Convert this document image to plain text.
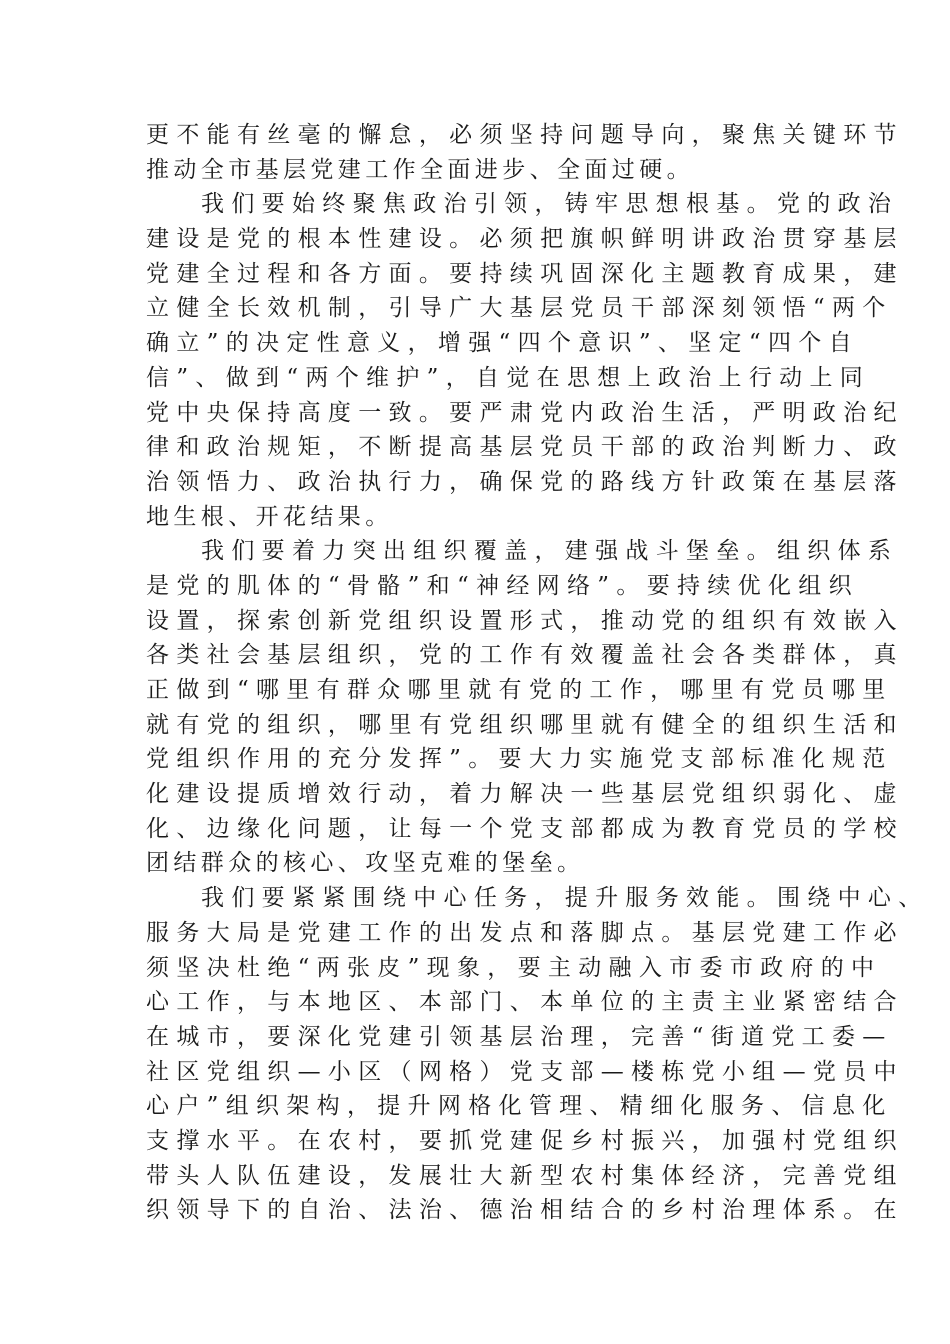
更 不 能 有 丝 毫 的 懈 怠 ， 必 须 坚 持 问 题 导 向 ， 聚 焦 关 键 环 节
推动全市基层党建工作全面进步、全面过硬。
我 们 要 始 终 聚 焦 政 治 引 领 ， 铸 牢 思 想 根 基 。 党 的 政 治
建 设 是 党 的 根 本 性 建 设 。 必 须 把 旗 帜 鲜 明 讲 政 治 贯 穿 基 层
党 建 全 过 程 和 各 方 面 。 要 持 续 巩 固 深 化 主 题 教 育 成 果 ， 建
立 健 全 长 效 机 制 ， 引 导 广 大 基 层 党 员 干 部 深 刻 领 悟 “ 两 个
确 立 ” 的 决 定 性 意 义 ， 增 强 “ 四 个 意 识 ” 、 坚 定 “ 四 个 自
信 ” 、 做 到 “ 两 个 维 护 ” ， 自 觉 在 思 想 上 政 治 上 行 动 上 同
党 中 央 保 持 高 度 一 致 。 要 严 肃 党 内 政 治 生 活 ， 严 明 政 治 纪
律 和 政 治 规 矩 ， 不 断 提 高 基 层 党 员 干 部 的 政 治 判 断 力 、 政
治 领 悟 力 、 政 治 执 行 力 ， 确 保 党 的 路 线 方 针 政 策 在 基 层 落
地生根、开花结果。
我 们 要 着 力 突 出 组 织 覆 盖 ， 建 强 战 斗 堡 垒 。 组 织 体 系
是 党 的 肌 体 的 “ 骨 骼 ” 和 “ 神 经 网 络 ” 。 要 持 续 优 化 组 织
设 置 ， 探 索 创 新 党 组 织 设 置 形 式 ， 推 动 党 的 组 织 有 效 嵌 入
各 类 社 会 基 层 组 织 ， 党 的 工 作 有 效 覆 盖 社 会 各 类 群 体 ， 真
正 做 到 “ 哪 里 有 群 众 哪 里 就 有 党 的 工 作 ， 哪 里 有 党 员 哪 里
就 有 党 的 组 织 ， 哪 里 有 党 组 织 哪 里 就 有 健 全 的 组 织 生 活 和
党 组 织 作 用 的 充 分 发 挥 ” 。 要 大 力 实 施 党 支 部 标 准 化 规 范
化 建 设 提 质 增 效 行 动 ， 着 力 解 决 一 些 基 层 党 组 织 弱 化 、 虚
化 、 边 缘 化 问 题 ， 让 每 一 个 党 支 部 都 成 为 教 育 党 员 的 学 校
团结群众的核心、攻坚克难的堡垒。
我 们 要 紧 紧 围 绕 中 心 任 务 ， 提 升 服 务 效 能 。 围 绕 中 心 、
服 务 大 局 是 党 建 工 作 的 出 发 点 和 落 脚 点 。 基 层 党 建 工 作 必
须 坚 决 杜 绝 “ 两 张 皮 ” 现 象 ， 要 主 动 融 入 市 委 市 政 府 的 中
心 工 作 ， 与 本 地 区 、 本 部 门 、 本 单 位 的 主 责 主 业 紧 密 结 合
在 城 市 ， 要 深 化 党 建 引 领 基 层 治 理 ， 完 善 “ 街 道 党 工 委 —
社 区 党 组 织 — 小 区 （ 网 格 ） 党 支 部 — 楼 栋 党 小 组 — 党 员 中
心 户 ” 组 织 架 构 ， 提 升 网 格 化 管 理 、 精 细 化 服 务 、 信 息 化
支 撑 水 平 。 在 农 村 ， 要 抓 党 建 促 乡 村 振 兴 ， 加 强 村 党 组 织
带 头 人 队 伍 建 设 ， 发 展 壮 大 新 型 农 村 集 体 经 济 ， 完 善 党 组
织 领 导 下 的 自 治 、 法 治 、 德 治 相 结 合 的 乡 村 治 理 体 系 。 在
